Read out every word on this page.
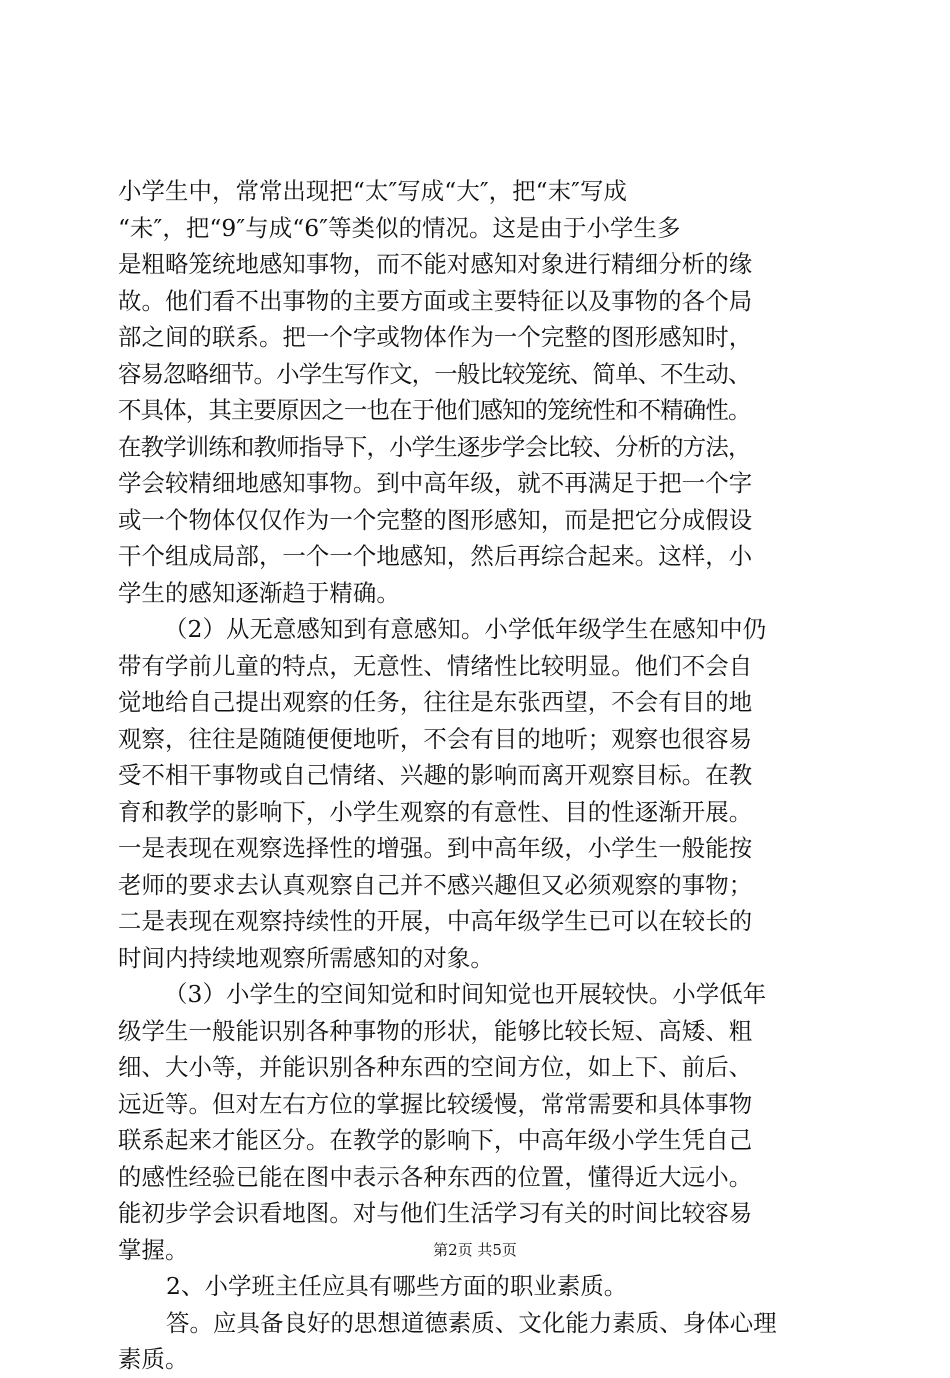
小学生中，常常出现把“太″写成“大″，把“末″写成
“未″，把“9″与成“6″等类似的情况。这是由于小学生多
是粗略笼统地感知事物，而不能对感知对象进行精细分析的缘
故。他们看不出事物的主要方面或主要特征以及事物的各个局
部之间的联系。把一个字或物体作为一个完整的图形感知时，
容易忽略细节。小学生写作文，一般比较笼统、简单、不生动、
不具体，其主要原因之一也在于他们感知的笼统性和不精确性。
在教学训练和教师指导下，小学生逐步学会比较、分析的方法，
学会较精细地感知事物。到中高年级，就不再满足于把一个字
或一个物体仅仅作为一个完整的图形感知，而是把它分成假设
干个组成局部，一个一个地感知，然后再综合起来。这样，小
学生的感知逐渐趋于精确。
（2）从无意感知到有意感知。小学低年级学生在感知中仍
带有学前儿童的特点，无意性、情绪性比较明显。他们不会自
觉地给自己提出观察的任务，往往是东张西望，不会有目的地
观察，往往是随随便便地听，不会有目的地听；观察也很容易
受不相干事物或自己情绪、兴趣的影响而离开观察目标。在教
育和教学的影响下，小学生观察的有意性、目的性逐渐开展。
一是表现在观察选择性的增强。到中高年级，小学生一般能按
老师的要求去认真观察自己并不感兴趣但又必须观察的事物；
二是表现在观察持续性的开展，中高年级学生已可以在较长的
时间内持续地观察所需感知的对象。
（3）小学生的空间知觉和时间知觉也开展较快。小学低年
级学生一般能识别各种事物的形状，能够比较长短、高矮、粗
细、大小等，并能识别各种东西的空间方位，如上下、前后、
远近等。但对左右方位的掌握比较缓慢，常常需要和具体事物
联系起来才能区分。在教学的影响下，中高年级小学生凭自己
的感性经验已能在图中表示各种东西的位置，懂得近大远小。
能初步学会识看地图。对与他们生活学习有关的时间比较容易
掌握。
2、小学班主任应具有哪些方面的职业素质。
答。应具备良好的思想道德素质、文化能力素质、身体心理
素质。
第2页 共5页
